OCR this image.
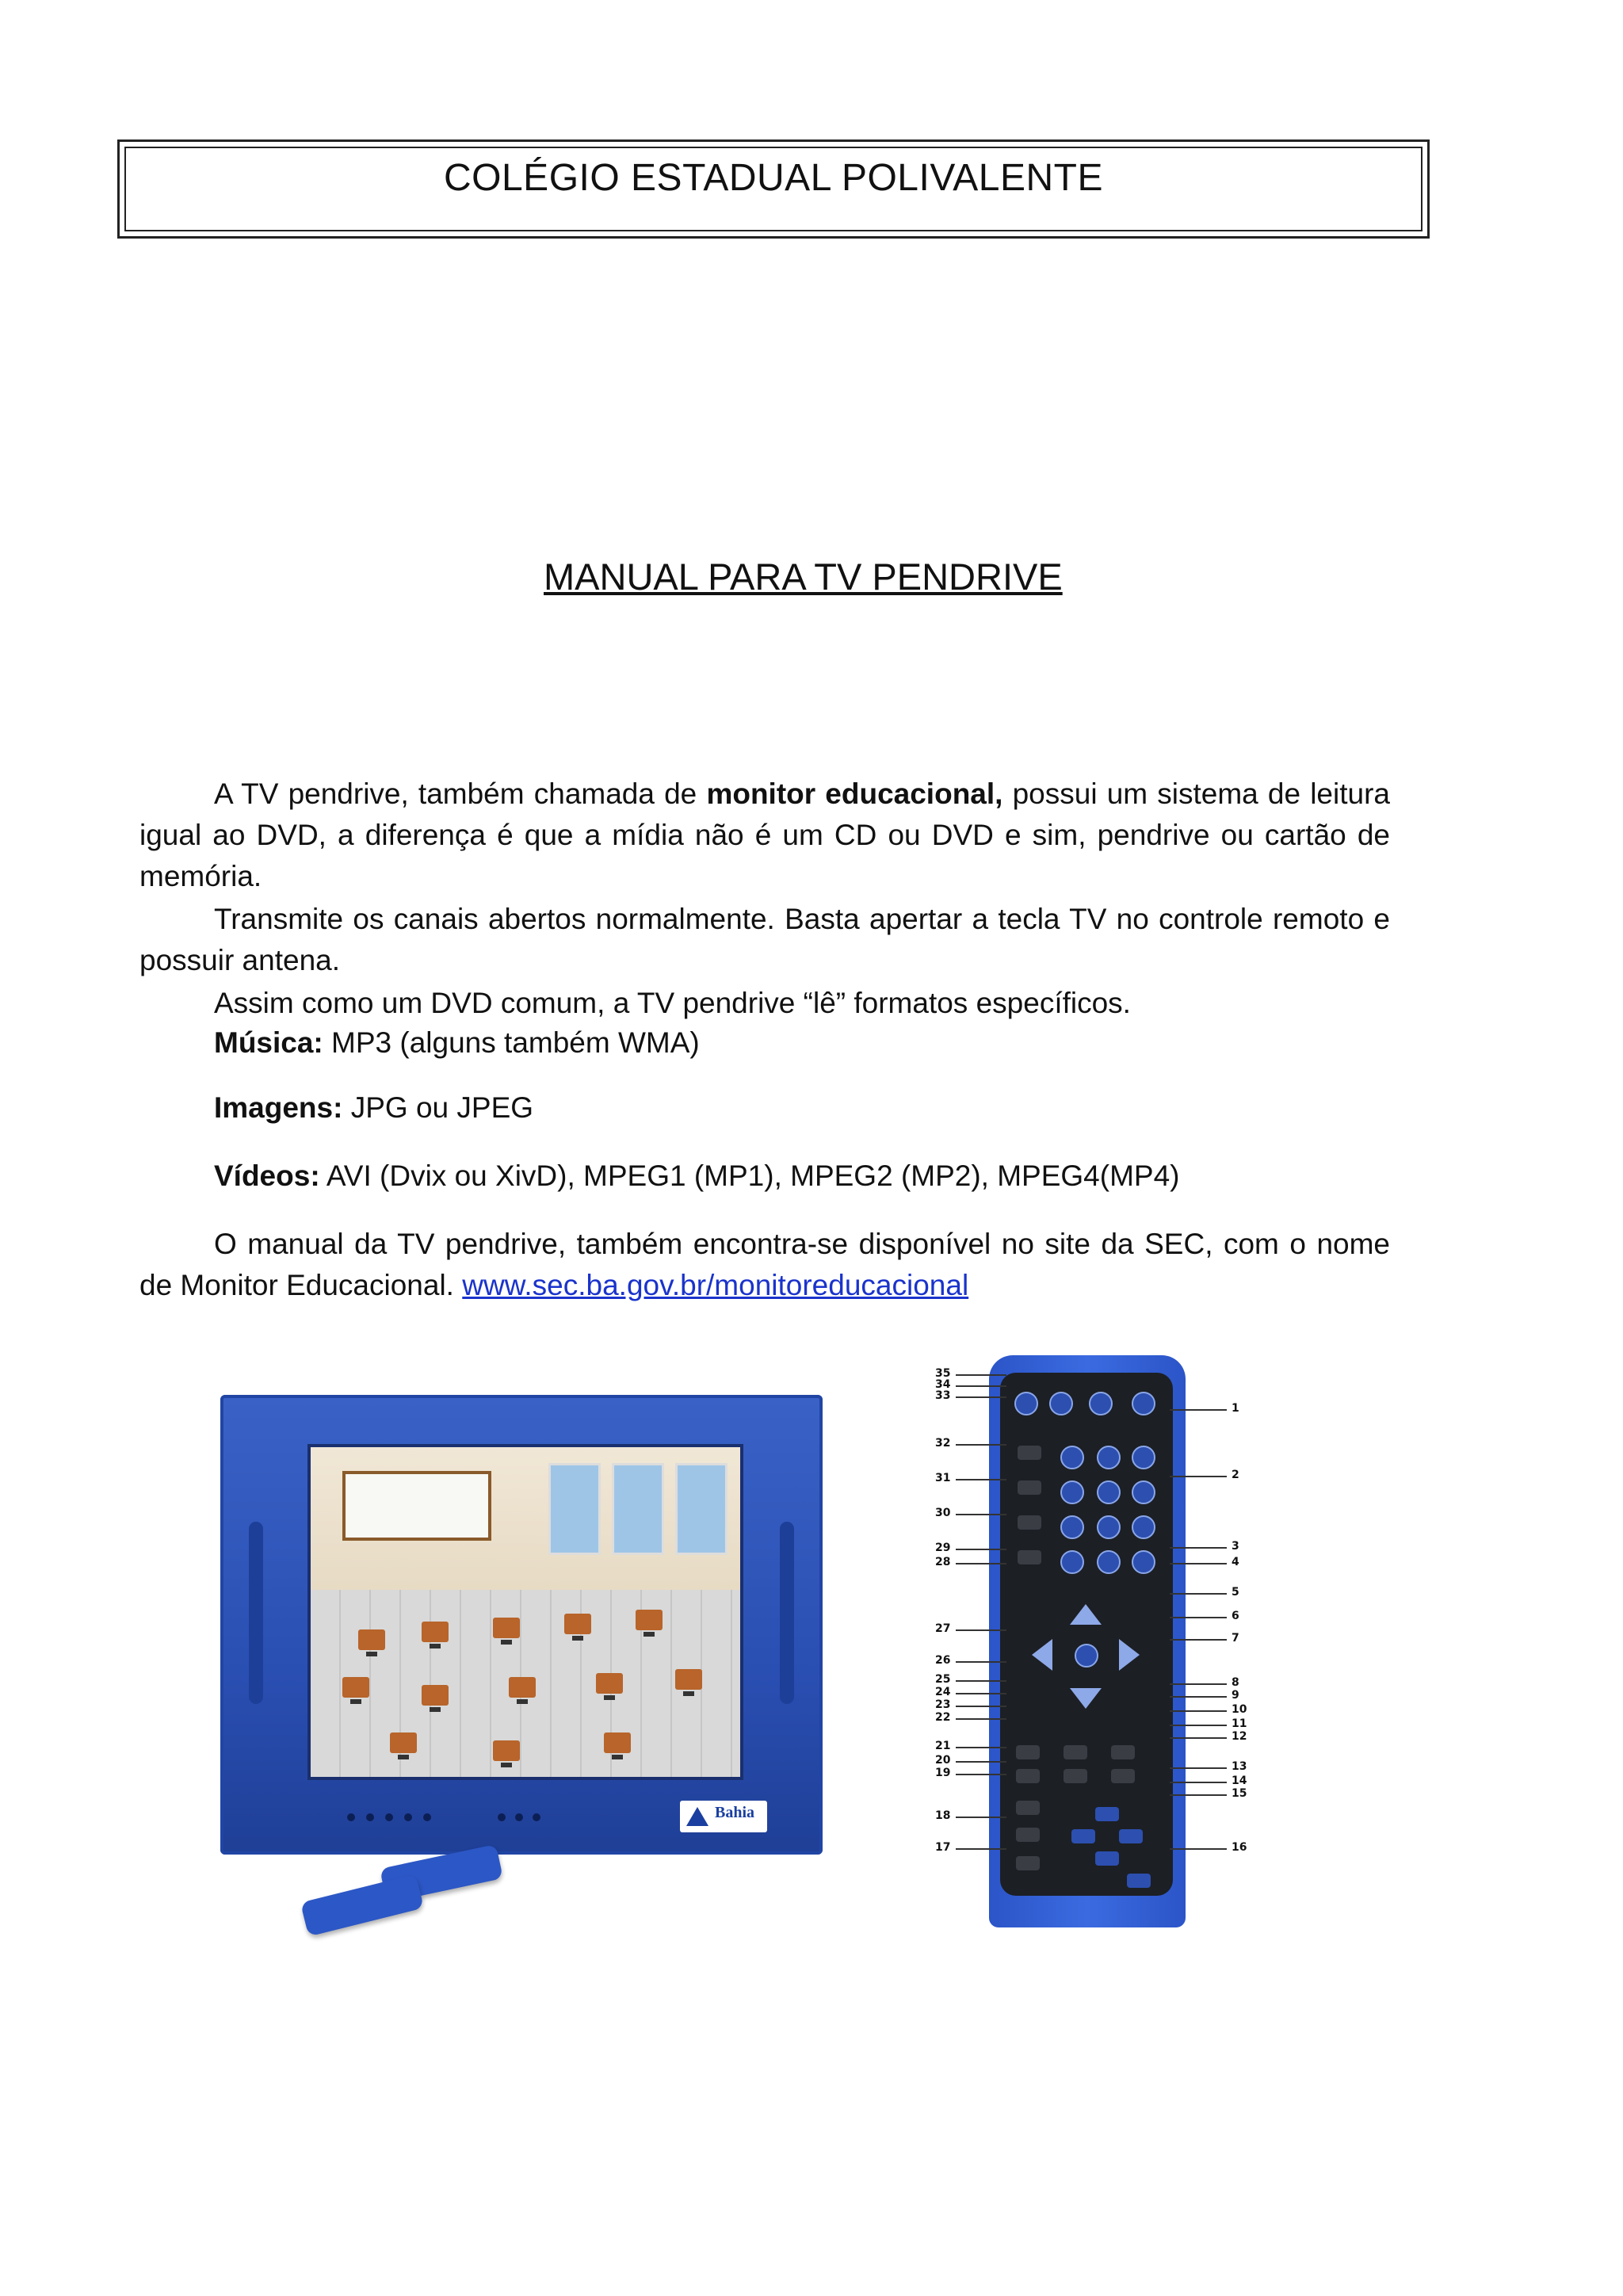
COLÉGIO ESTADUAL POLIVALENTE
MANUAL PARA TV PENDRIVE
A TV pendrive, também chamada de monitor educacional, possui um sistema de leitura igual ao DVD, a diferença é que a mídia não é um CD ou DVD e sim, pendrive ou cartão de memória.
Transmite os canais abertos normalmente. Basta apertar a tecla TV no controle remoto e possuir antena.
Assim como um DVD comum, a TV pendrive “lê” formatos específicos.
Música: MP3 (alguns também WMA)
Imagens: JPG ou JPEG
Vídeos: AVI (Dvix ou XivD), MPEG1 (MP1), MPEG2 (MP2), MPEG4(MP4)
O manual da TV pendrive, também encontra-se disponível no site da SEC, com o nome de Monitor Educacional. www.sec.ba.gov.br/monitoreducacional
Bahia
35
34
33
32
31
30
29
28
27
26
25
24
23
22
21
20
19
18
17
1
2
3
4
5
6
7
8
9
10
11
12
13
14
15
16
